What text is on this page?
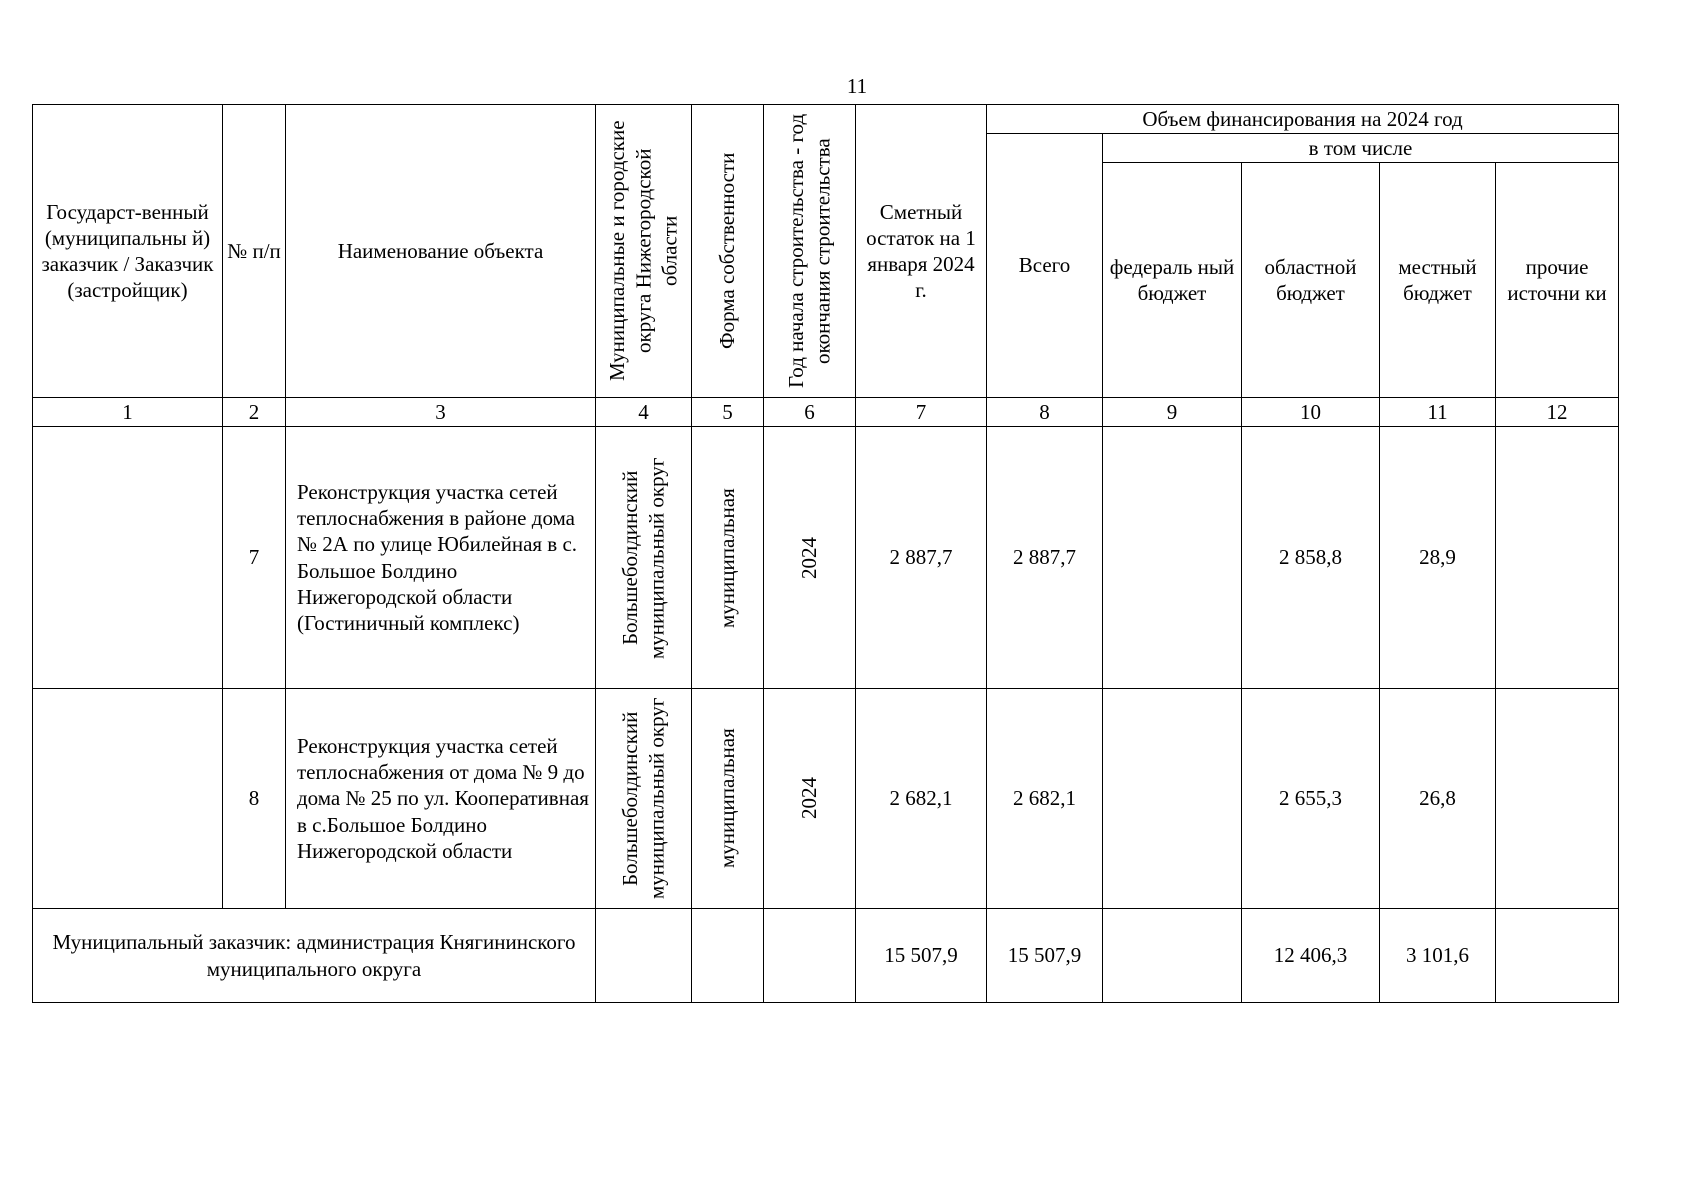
11
Государст-венный (муниципальны й) заказчик / Заказчик (застройщик)	№ п/п	Наименование объекта	Муниципальные и городские округа Нижегородской области	Форма собственности	Год начала строительства - год окончания строительства	Сметный остаток на 1 января 2024 г.	Объем финансирования на 2024 год				
							Всего	в том числе			
								федераль ный бюджет	областной бюджет	местный бюджет	прочие источни ки
1	2	3	4	5	6	7	8	9	10	11	12
	7	Реконструкция участка сетей теплоснабжения в районе дома № 2А по улице Юбилейная в с. Большое Болдино Нижегородской области (Гостиничный комплекс)	Большеболдинский муниципальный округ	муниципальная	2024	2 887,7	2 887,7		2 858,8	28,9	
	8	Реконструкция участка сетей теплоснабжения от дома № 9 до дома № 25 по ул. Кооперативная в с.Большое Болдино Нижегородской области	Большеболдинский муниципальный округ	муниципальная	2024	2 682,1	2 682,1		2 655,3	26,8	
Муниципальный заказчик: администрация Княгининского муниципального округа						15 507,9	15 507,9		12 406,3	3 101,6	
